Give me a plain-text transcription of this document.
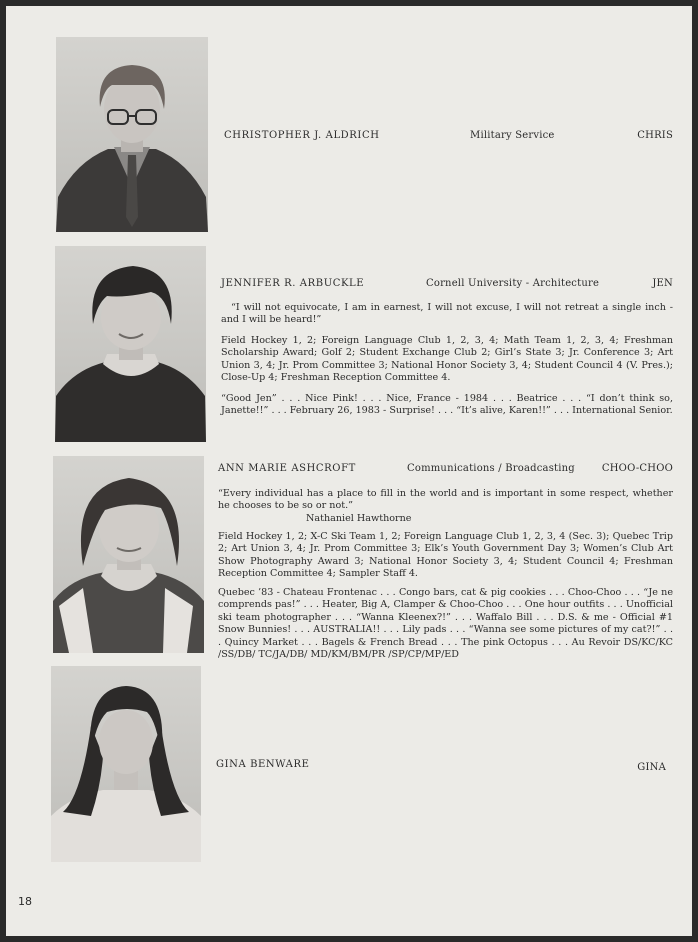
CHRISTOPHER J. ALDRICH	Military Service	CHRIS
JENNIFER R. ARBUCKLE	Cornell University - Architecture	JEN
“I will not equivocate, I am in earnest, I will not excuse, I will not retreat a single inch - and I will be heard!”
Field Hockey 1, 2; Foreign Language Club 1, 2, 3, 4; Math Team 1, 2, 3, 4; Freshman Scholarship Award; Golf 2; Student Exchange Club 2; Girl’s State 3; Jr. Conference 3; Art Union 3, 4; Jr. Prom Committee 3; National Honor Society 3, 4; Student Council 4 (V. Pres.); Close-Up 4; Freshman Reception Committee 4.
“Good Jen” . . . Nice Pink! . . . Nice, France - 1984 . . . Beatrice . . . “I don’t think so, Janette!!” . . . February 26, 1983 - Surprise! . . . “It’s alive, Karen!!” . . . International Senior.
ANN MARIE ASHCROFT	Communications / Broadcasting	CHOO-CHOO
“Every individual has a place to fill in the world and is important in some respect, whether he chooses to be so or not.”
Nathaniel Hawthorne
Field Hockey 1, 2; X-C Ski Team 1, 2; Foreign Language Club 1, 2, 3, 4 (Sec. 3); Quebec Trip 2; Art Union 3, 4; Jr. Prom Committee 3; Elk’s Youth Government Day 3; Women’s Club Art Show Photography Award 3; National Honor Society 3, 4; Student Council 4; Freshman Reception Committee 4; Sampler Staff 4.
Quebec ’83 - Chateau Frontenac . . . Congo bars, cat & pig cookies . . . Choo-Choo . . . “Je ne comprends pas!” . . . Heater, Big A, Clamper & Choo-Choo . . . One hour outfits . . . Unofficial ski team photographer . . . “Wanna Kleenex?!” . . . Waffalo Bill . . . D.S. & me - Official #1 Snow Bunnies! . . . AUSTRALIA!! . . . Lily pads . . . “Wanna see some pictures of my cat?!” . . . Quincy Market . . . Bagels & French Bread . . . The pink Octopus . . . Au Revoir DS/KC/KC /SS/DB/ TC/JA/DB/ MD/KM/BM/PR /SP/CP/MP/ED
GINA BENWARE	GINA
18
